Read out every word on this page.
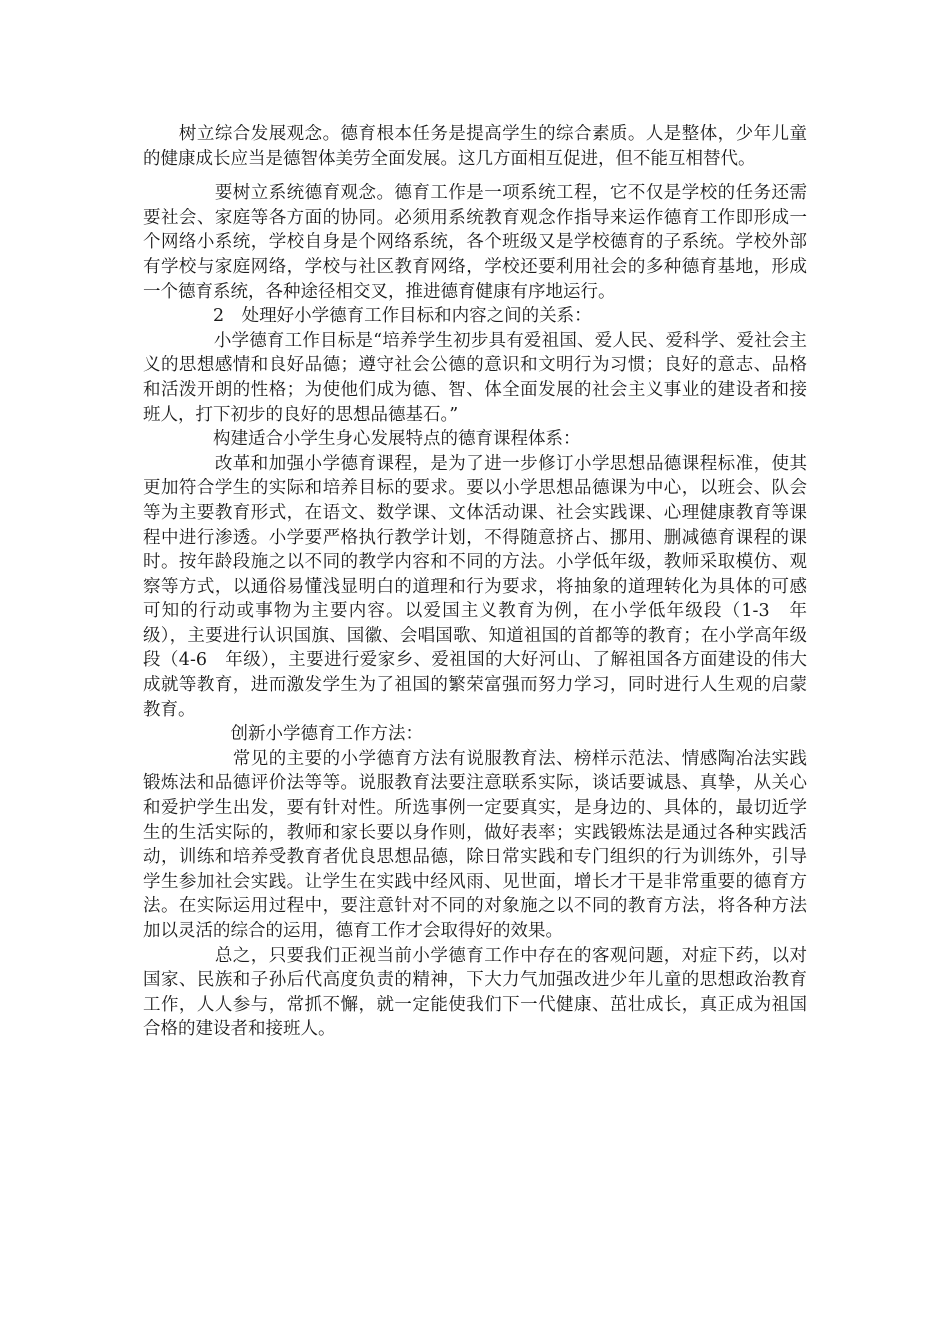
　　树立综合发展观念。德育根本任务是提高学生的综合素质。人是整体，少年儿童的健康成长应当是德智体美劳全面发展。这几方面相互促进，但不能互相替代。

　　　　要树立系统德育观念。德育工作是一项系统工程，它不仅是学校的任务还需要社会、家庭等各方面的协同。必须用系统教育观念作指导来运作德育工作即形成一个网络小系统，学校自身是个网络系统，各个班级又是学校德育的子系统。学校外部有学校与家庭网络，学校与社区教育网络，学校还要利用社会的多种德育基地，形成一个德育系统，各种途径相交叉，推进德育健康有序地运行。

　　　　2　处理好小学德育工作目标和内容之间的关系：

　　　　小学德育工作目标是“培养学生初步具有爱祖国、爱人民、爱科学、爱社会主义的思想感情和良好品德；遵守社会公德的意识和文明行为习惯；良好的意志、品格和活泼开朗的性格；为使他们成为德、智、体全面发展的社会主义事业的建设者和接班人，打下初步的良好的思想品德基石。”

　　　　构建适合小学生身心发展特点的德育课程体系：

　　　　改革和加强小学德育课程，是为了进一步修订小学思想品德课程标准，使其更加符合学生的实际和培养目标的要求。要以小学思想品德课为中心，以班会、队会等为主要教育形式，在语文、数学课、文体活动课、社会实践课、心理健康教育等课程中进行渗透。小学要严格执行教学计划，不得随意挤占、挪用、删减德育课程的课时。按年龄段施之以不同的教学内容和不同的方法。小学低年级，教师采取模仿、观察等方式，以通俗易懂浅显明白的道理和行为要求，将抽象的道理转化为具体的可感可知的行动或事物为主要内容。以爱国主义教育为例，在小学低年级段（1-3　年级），主要进行认识国旗、国徽、会唱国歌、知道祖国的首都等的教育；在小学高年级段（4-6　年级），主要进行爱家乡、爱祖国的大好河山、了解祖国各方面建设的伟大成就等教育，进而激发学生为了祖国的繁荣富强而努力学习，同时进行人生观的启蒙教育。

　　　　　创新小学德育工作方法：

　　　　　常见的主要的小学德育方法有说服教育法、榜样示范法、情感陶冶法实践锻炼法和品德评价法等等。说服教育法要注意联系实际，谈话要诚恳、真挚，从关心和爱护学生出发，要有针对性。所选事例一定要真实，是身边的、具体的，最切近学生的生活实际的，教师和家长要以身作则，做好表率；实践锻炼法是通过各种实践活动，训练和培养受教育者优良思想品德，除日常实践和专门组织的行为训练外，引导学生参加社会实践。让学生在实践中经风雨、见世面，增长才干是非常重要的德育方法。在实际运用过程中，要注意针对不同的对象施之以不同的教育方法，将各种方法加以灵活的综合的运用，德育工作才会取得好的效果。

　　　　总之，只要我们正视当前小学德育工作中存在的客观问题，对症下药，以对国家、民族和子孙后代高度负责的精神，下大力气加强改进少年儿童的思想政治教育工作，人人参与，常抓不懈，就一定能使我们下一代健康、茁壮成长，真正成为祖国合格的建设者和接班人。
